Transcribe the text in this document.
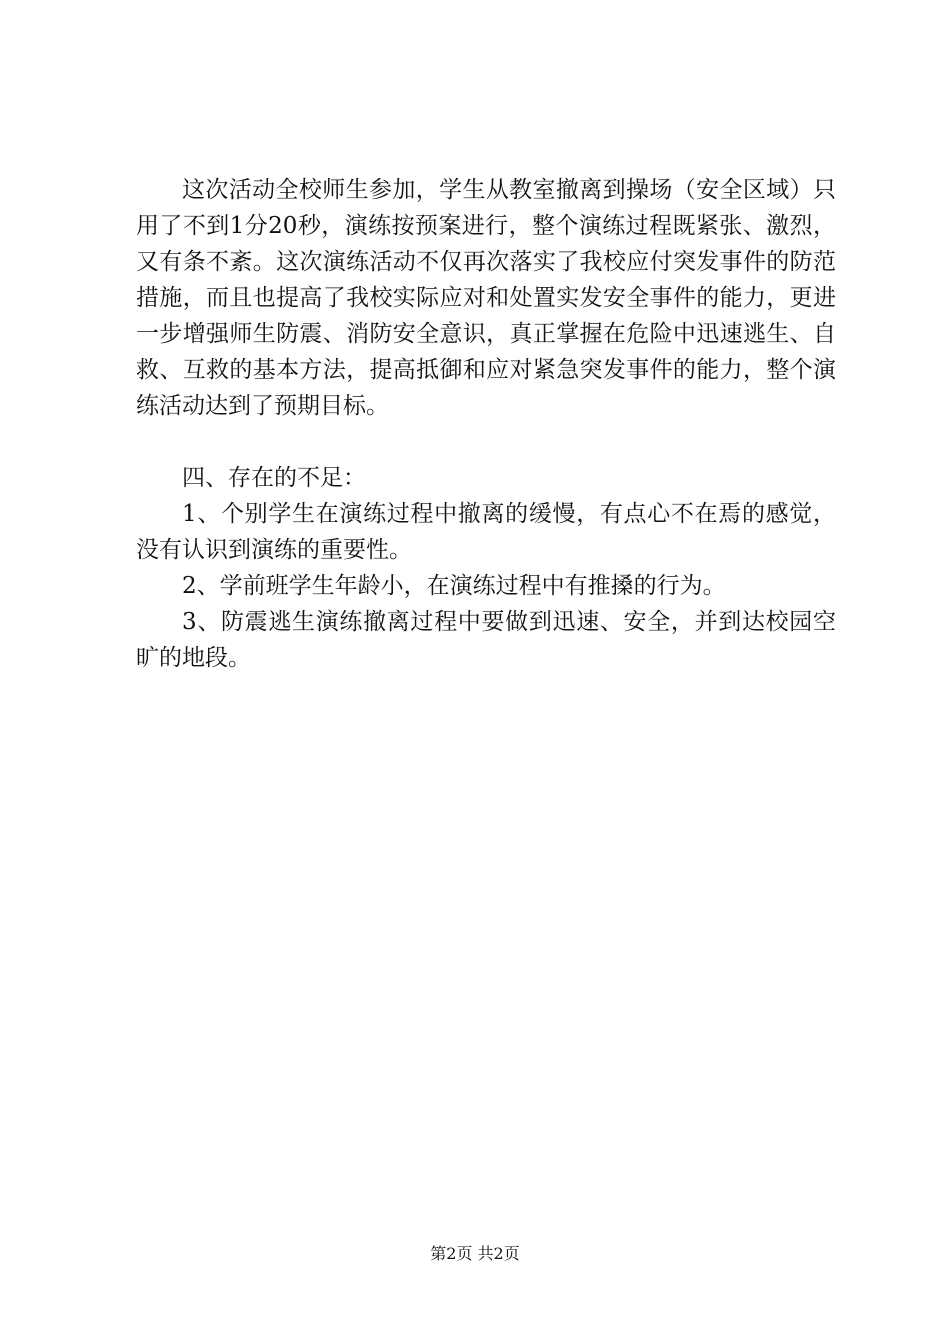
这次活动全校师生参加，学生从教室撤离到操场（安全区域）只用了不到1分20秒，演练按预案进行，整个演练过程既紧张、激烈，又有条不紊。这次演练活动不仅再次落实了我校应付突发事件的防范措施，而且也提高了我校实际应对和处置实发安全事件的能力，更进一步增强师生防震、消防安全意识，真正掌握在危险中迅速逃生、自救、互救的基本方法，提高抵御和应对紧急突发事件的能力，整个演练活动达到了预期目标。

四、存在的不足：

1、个别学生在演练过程中撤离的缓慢，有点心不在焉的感觉，没有认识到演练的重要性。

2、学前班学生年龄小，在演练过程中有推搡的行为。

3、防震逃生演练撤离过程中要做到迅速、安全，并到达校园空旷的地段。

第2页 共2页
